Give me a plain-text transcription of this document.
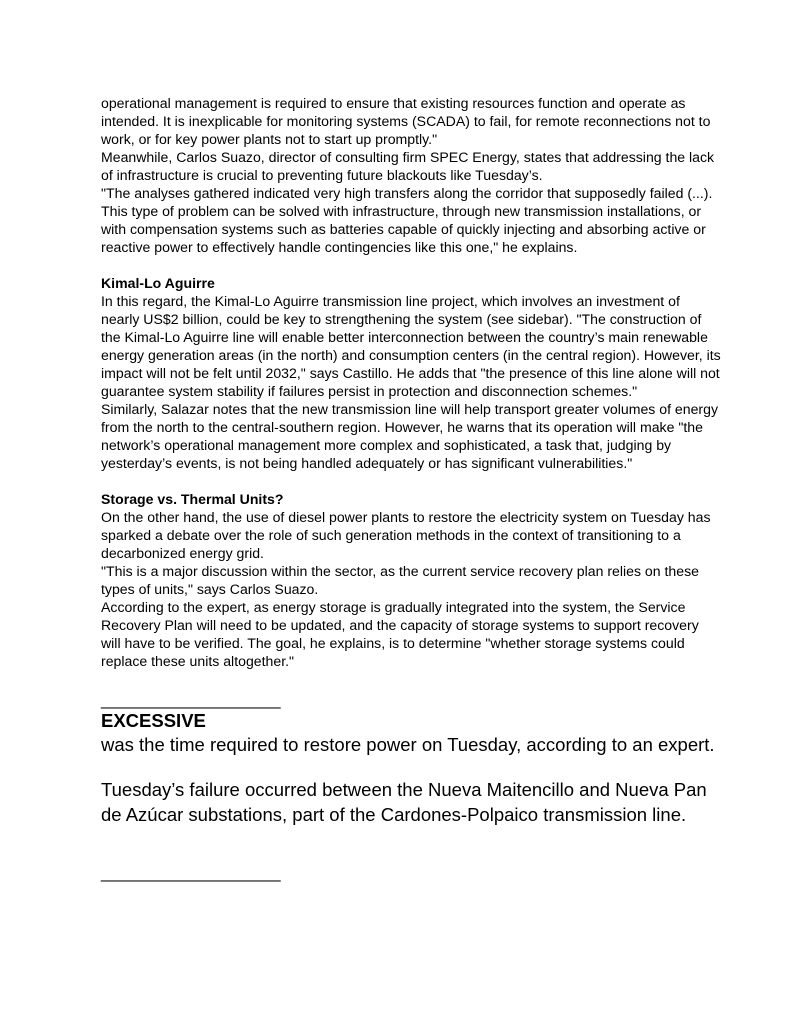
operational management is required to ensure that existing resources function and operate as intended. It is inexplicable for monitoring systems (SCADA) to fail, for remote reconnections not to work, or for key power plants not to start up promptly."

Meanwhile, Carlos Suazo, director of consulting firm SPEC Energy, states that addressing the lack of infrastructure is crucial to preventing future blackouts like Tuesday’s.

"The analyses gathered indicated very high transfers along the corridor that supposedly failed (...). This type of problem can be solved with infrastructure, through new transmission installations, or with compensation systems such as batteries capable of quickly injecting and absorbing active or reactive power to effectively handle contingencies like this one," he explains.

Kimal-Lo Aguirre

In this regard, the Kimal-Lo Aguirre transmission line project, which involves an investment of nearly US$2 billion, could be key to strengthening the system (see sidebar). "The construction of the Kimal-Lo Aguirre line will enable better interconnection between the country’s main renewable energy generation areas (in the north) and consumption centers (in the central region). However, its impact will not be felt until 2032," says Castillo. He adds that "the presence of this line alone will not guarantee system stability if failures persist in protection and disconnection schemes."

Similarly, Salazar notes that the new transmission line will help transport greater volumes of energy from the north to the central-southern region. However, he warns that its operation will make "the network’s operational management more complex and sophisticated, a task that, judging by yesterday’s events, is not being handled adequately or has significant vulnerabilities."

Storage vs. Thermal Units?

On the other hand, the use of diesel power plants to restore the electricity system on Tuesday has sparked a debate over the role of such generation methods in the context of transitioning to a decarbonized energy grid.

"This is a major discussion within the sector, as the current service recovery plan relies on these types of units," says Carlos Suazo.

According to the expert, as energy storage is gradually integrated into the system, the Service Recovery Plan will need to be updated, and the capacity of storage systems to support recovery will have to be verified. The goal, he explains, is to determine "whether storage systems could replace these units altogether."

___________________

EXCESSIVE

was the time required to restore power on Tuesday, according to an expert.

Tuesday’s failure occurred between the Nueva Maitencillo and Nueva Pan de Azúcar substations, part of the Cardones-Polpaico transmission line.

___________________
